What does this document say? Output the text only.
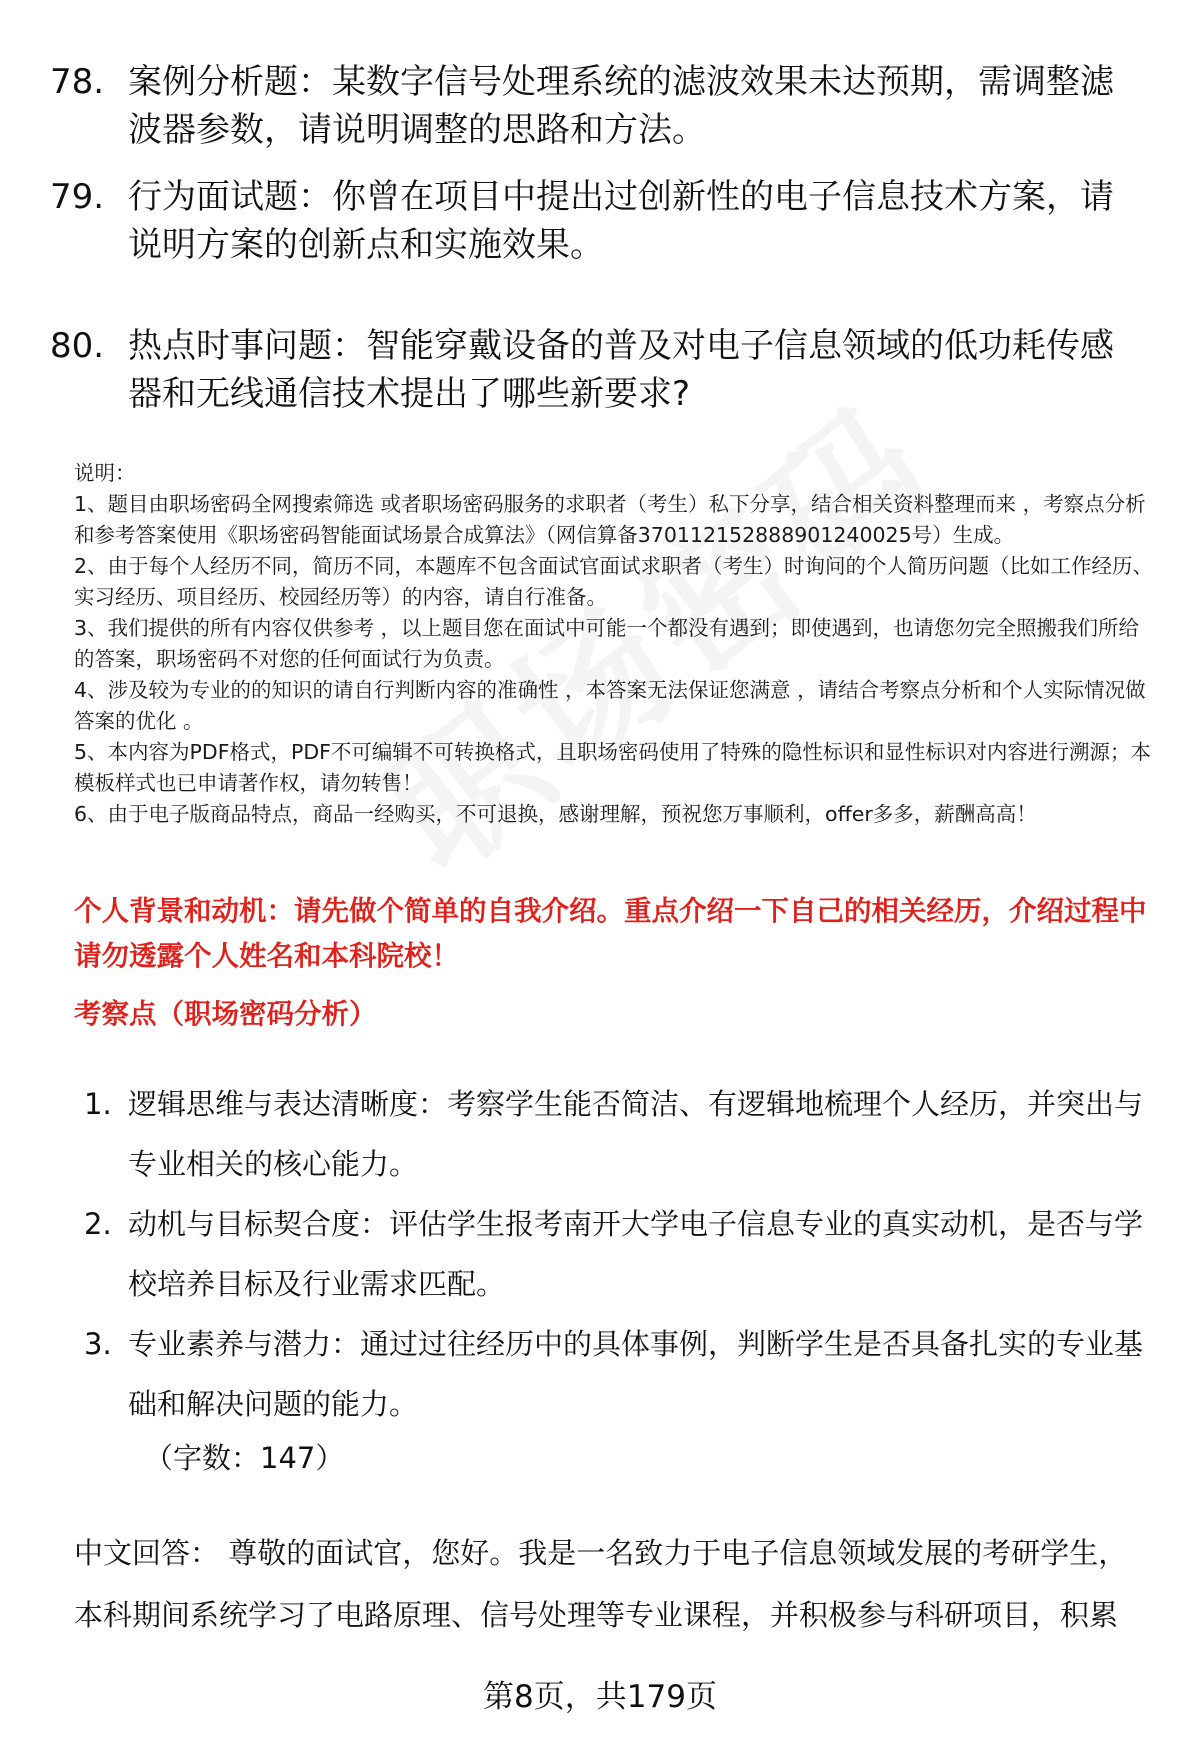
78. 案例分析题：某数字信号处理系统的滤波效果未达预期，需调整滤波器参数，请说明调整的思路和方法。
79. 行为面试题：你曾在项目中提出过创新性的电子信息技术方案，请说明方案的创新点和实施效果。
80. 热点时事问题：智能穿戴设备的普及对电子信息领域的低功耗传感器和无线通信技术提出了哪些新要求?

说明：

1、题目由职场密码全网搜索筛选 或者职场密码服务的求职者（考生）私下分享，结合相关资料整理而来 ，考察点分析和参考答案使用《职场密码智能面试场景合成算法》（网信算备370112152888901240025号）生成。

2、由于每个人经历不同，简历不同，本题库不包含面试官面试求职者（考生）时询问的个人简历问题（比如工作经历、实习经历、项目经历、校园经历等）的内容，请自行准备。

3、我们提供的所有内容仅供参考 ，以上题目您在面试中可能一个都没有遇到；即使遇到，也请您勿完全照搬我们所给的答案，职场密码不对您的任何面试行为负责。

4、涉及较为专业的的知识的请自行判断内容的准确性 ，本答案无法保证您满意 ，请结合考察点分析和个人实际情况做答案的优化 。

5、本内容为PDF格式，PDF不可编辑不可转换格式，且职场密码使用了特殊的隐性标识和显性标识对内容进行溯源；本模板样式也已申请著作权，请勿转售！

6、由于电子版商品特点，商品一经购买，不可退换，感谢理解，预祝您万事顺利，offer多多，薪酬高高！

个人背景和动机：请先做个简单的自我介绍。重点介绍一下自己的相关经历，介绍过程中请勿透露个人姓名和本科院校！
考察点（职场密码分析）
1. 逻辑思维与表达清晰度：考察学生能否简洁、有逻辑地梳理个人经历，并突出与专业相关的核心能力。
2. 动机与目标契合度：评估学生报考南开大学电子信息专业的真实动机，是否与学校培养目标及行业需求匹配。
3. 专业素养与潜力：通过过往经历中的具体事例，判断学生是否具备扎实的专业基础和解决问题的能力。
（字数：147）
中文回答： 尊敬的面试官，您好。我是一名致力于电子信息领域发展的考研学生，本科期间系统学习了电路原理、信号处理等专业课程，并积极参与科研项目，积累
第8页，共179页
